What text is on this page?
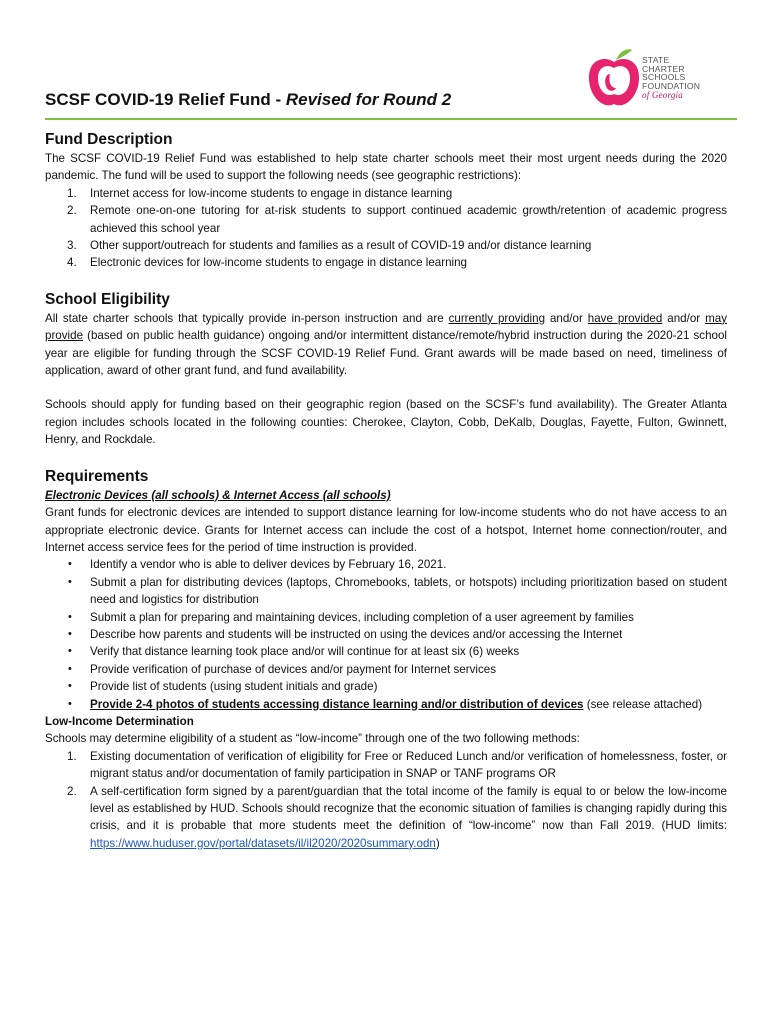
STATE
CHARTER
SCHOOLS
FOUNDATION
of Georgia
SCSF COVID-19 Relief Fund - Revised for Round 2
Fund Description

The SCSF COVID-19 Relief Fund was established to help state charter schools meet their most urgent needs during the 2020 pandemic. The fund will be used to support the following needs (see geographic restrictions):

1. Internet access for low-income students to engage in distance learning
2. Remote one-on-one tutoring for at-risk students to support continued academic growth/retention of academic progress achieved this school year
3. Other support/outreach for students and families as a result of COVID-19 and/or distance learning
4. Electronic devices for low-income students to engage in distance learning
School Eligibility

All state charter schools that typically provide in-person instruction and are currently providing and/or have provided and/or may provide (based on public health guidance) ongoing and/or intermittent distance/remote/hybrid instruction during the 2020-21 school year are eligible for funding through the SCSF COVID-19 Relief Fund. Grant awards will be made based on need, timeliness of application, award of other grant fund, and fund availability.

Schools should apply for funding based on their geographic region (based on the SCSF’s fund availability). The Greater Atlanta region includes schools located in the following counties: Cherokee, Clayton, Cobb, DeKalb, Douglas, Fayette, Fulton, Gwinnett, Henry, and Rockdale.

Requirements
Electronic Devices (all schools) & Internet Access (all schools)

Grant funds for electronic devices are intended to support distance learning for low-income students who do not have access to an appropriate electronic device. Grants for Internet access can include the cost of a hotspot, Internet home connection/router, and Internet access service fees for the period of time instruction is provided.

• Identify a vendor who is able to deliver devices by February 16, 2021.
• Submit a plan for distributing devices (laptops, Chromebooks, tablets, or hotspots) including prioritization based on student need and logistics for distribution
• Submit a plan for preparing and maintaining devices, including completion of a user agreement by families
• Describe how parents and students will be instructed on using the devices and/or accessing the Internet
• Verify that distance learning took place and/or will continue for at least six (6) weeks
• Provide verification of purchase of devices and/or payment for Internet services
• Provide list of students (using student initials and grade)
• Provide 2-4 photos of students accessing distance learning and/or distribution of devices (see release attached)
Low-Income Determination

Schools may determine eligibility of a student as “low-income” through one of the two following methods:

1. Existing documentation of verification of eligibility for Free or Reduced Lunch and/or verification of homelessness, foster, or migrant status and/or documentation of family participation in SNAP or TANF programs OR
2. A self-certification form signed by a parent/guardian that the total income of the family is equal to or below the low-income level as established by HUD. Schools should recognize that the economic situation of families is changing rapidly during this crisis, and it is probable that more students meet the definition of “low-income” now than Fall 2019. (HUD limits: https://www.huduser.gov/portal/datasets/il/il2020/2020summary.odn)
